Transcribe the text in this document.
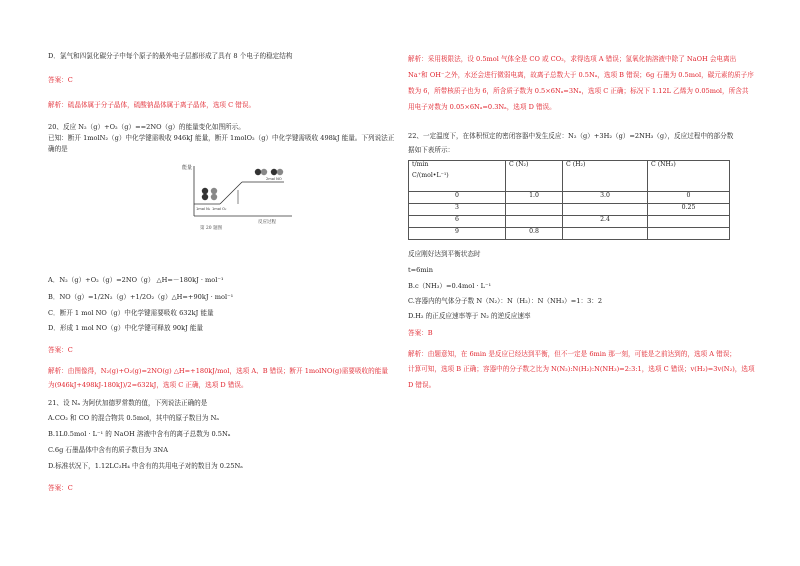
D．氯气和四氯化碳分子中每个原子的最外电子层都形成了具有 8 个电子的稳定结构
答案：C
解析：硫晶体属于分子晶体，硫酸钠晶体属于离子晶体，选项 C 错误。
20、反应 N₂（g）+O₂（g）==2NO（g）的能量变化如图所示。
已知：断开 1molN₂（g）中化学键需吸收 946kJ 能量，断开 1molO₂（g）中化学键需吸收 498kJ 能量。下列说法正
确的是
能量
反应过程
1mol N₂ 1mol O₂
2mol NO
第 20 题图
A．N₂（g）+O₂（g）=2NO（g） △H=－180kJ · mol⁻¹
B．NO（g）=1/2N₂（g）+1/2O₂（g）△H=+90kJ · mol⁻¹
C．断开 1 mol NO（g）中化学键需要吸收 632kJ 能量
D．形成 1 mol NO（g）中化学键可释放 90kJ 能量
答案：C
解析：由图像得，N₂(g)+O₂(g)=2NO(g) △H=+180kJ/mol，选项 A、B 错误；断开 1molNO(g)需要吸收的能量
为(946kJ+498kJ-180kJ)/2=632kJ，选项 C 正确，选项 D 错误。
21、设 Nₐ 为阿伏加德罗常数的值，下列说法正确的是
A.CO₂ 和 CO 的混合物共 0.5mol，其中的原子数目为 Nₐ
B.1L0.5mol · L⁻¹ 的 NaOH 溶液中含有的离子总数为 0.5Nₐ
C.6g 石墨晶体中含有的质子数目为 3NA
D.标准状况下，1.12LC₂H₄ 中含有的共用电子对的数目为 0.25Nₐ
答案：C
解析：采用极限法，设 0.5mol 气体全是 CO 或 CO₂，求得选项 A 错误；氢氧化钠溶液中除了 NaOH 会电离出
Na⁺和 OH⁻之外，水还会进行微弱电离，故离子总数大于 0.5Nₐ，选项 B 错误；6g 石墨为 0.5mol，碳元素的质子序
数为 6，所带核质子也为 6，所含质子数为 0.5×6Nₐ=3Nₐ，选项 C 正确；标况下 1.12L 乙烯为 0.05mol，所含共
用电子对数为 0.05×6Nₐ=0.3Nₐ，选项 D 错误。
22、一定温度下，在体积恒定的密闭容器中发生反应：N₂（g）+3H₂（g）=2NH₃（g），反应过程中的部分数
据如下表所示：
t/min
C/(mol•L⁻¹)	C (N₂)	C (H₂)	C (NH₃)
0	1.0	3.0	0
3			0.25
6		2.4	
9	0.8		
反应刚好达到平衡状态时
t=6min
B.c（NH₃）=0.4mol · L⁻¹
C.容器内的气体分子数 N（N₂）：N（H₂）：N（NH₃）=1：3：2
D.H₂ 的正反应速率等于 N₂ 的逆反应速率
答案：B
解析：由题意知，在 6min 是反应已经达到平衡，但不一定是 6min 那一刻，可能是之前达到的，选项 A 错误；
计算可知，选项 B 正确；容器中的分子数之比为 N(N₂):N(H₂):N(NH₃)=2:3:1，选项 C 错误；v(H₂)=3v(N₂)，选项
D 错误。
